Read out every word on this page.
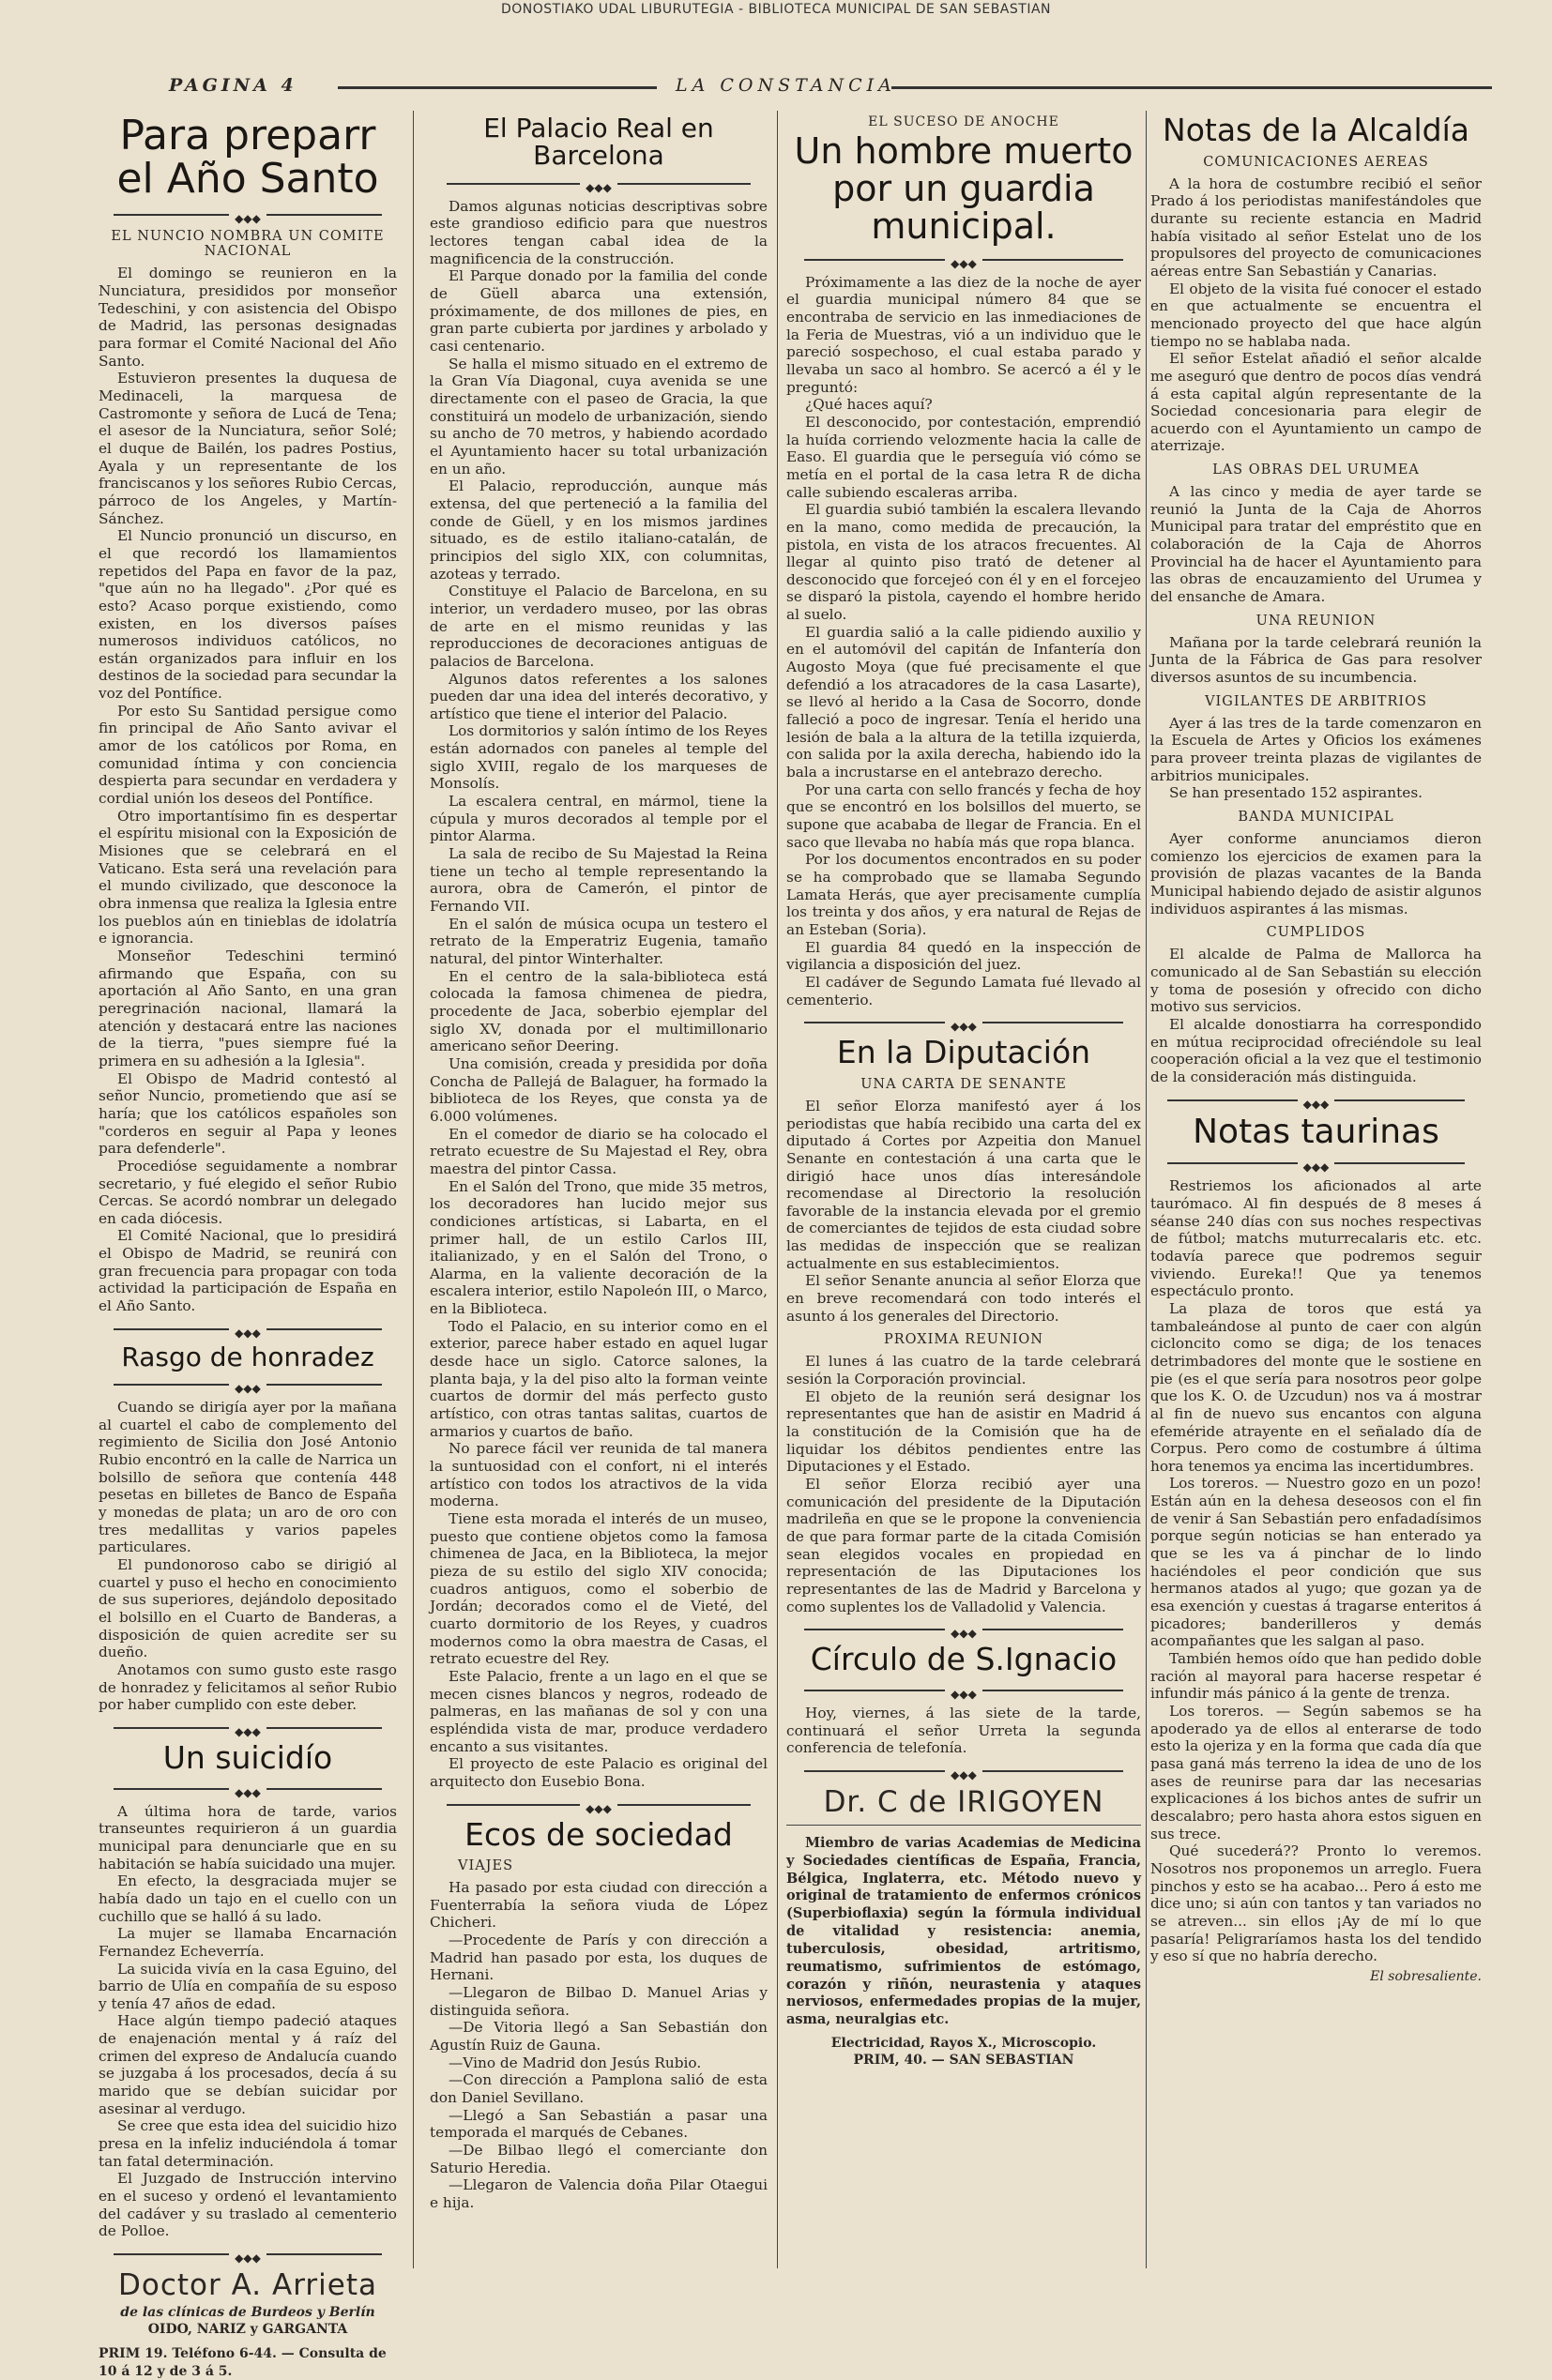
DONOSTIAKO UDAL LIBURUTEGIA - BIBLIOTECA MUNICIPAL DE SAN SEBASTIAN
PAGINA 4	LA CONSTANCIA
Para preparr el Año Santo
◆◆◆
EL NUNCIO NOMBRA UN COMITE NACIONAL

El domingo se reunieron en la Nunciatura, presididos por monseñor Tedeschini, y con asistencia del Obispo de Madrid, las personas designadas para formar el Comité Nacional del Año Santo.

Estuvieron presentes la duquesa de Medinaceli, la marquesa de Castromonte y señora de Lucá de Tena; el asesor de la Nunciatura, señor Solé; el duque de Bailén, los padres Postius, Ayala y un representante de los franciscanos y los señores Rubio Cercas, párroco de los Angeles, y Martín-Sánchez.

El Nuncio pronunció un discurso, en el que recordó los llamamientos repetidos del Papa en favor de la paz, "que aún no ha llegado". ¿Por qué es esto? Acaso porque existiendo, como existen, en los diversos países numerosos individuos católicos, no están organizados para influir en los destinos de la sociedad para secundar la voz del Pontífice.

Por esto Su Santidad persigue como fin principal de Año Santo avivar el amor de los católicos por Roma, en comunidad íntima y con conciencia despierta para secundar en verdadera y cordial unión los deseos del Pontífice.

Otro importantísimo fin es despertar el espíritu misional con la Exposición de Misiones que se celebrará en el Vaticano. Esta será una revelación para el mundo civilizado, que desconoce la obra inmensa que realiza la Iglesia entre los pueblos aún en tinieblas de idolatría e ignorancia.

Monseñor Tedeschini terminó afirmando que España, con su aportación al Año Santo, en una gran peregrinación nacional, llamará la atención y destacará entre las naciones de la tierra, "pues siempre fué la primera en su adhesión a la Iglesia".

El Obispo de Madrid contestó al señor Nuncio, prometiendo que así se haría; que los católicos españoles son "corderos en seguir al Papa y leones para defenderle".

Procedióse seguidamente a nombrar secretario, y fué elegido el señor Rubio Cercas. Se acordó nombrar un delegado en cada diócesis.

El Comité Nacional, que lo presidirá el Obispo de Madrid, se reunirá con gran frecuencia para propagar con toda actividad la participación de España en el Año Santo.

◆◆◆
Rasgo de honradez
◆◆◆

Cuando se dirigía ayer por la mañana al cuartel el cabo de complemento del regimiento de Sicilia don José Antonio Rubio encontró en la calle de Narrica un bolsillo de señora que contenía 448 pesetas en billetes de Banco de España y monedas de plata; un aro de oro con tres medallitas y varios papeles particulares.

El pundonoroso cabo se dirigió al cuartel y puso el hecho en conocimiento de sus superiores, dejándolo depositado el bolsillo en el Cuarto de Banderas, a disposición de quien acredite ser su dueño.

Anotamos con sumo gusto este rasgo de honradez y felicitamos al señor Rubio por haber cumplido con este deber.

◆◆◆
Un suicidío
◆◆◆

A última hora de tarde, varios transeuntes requirieron á un guardia municipal para denunciarle que en su habitación se había suicidado una mujer.

En efecto, la desgraciada mujer se había dado un tajo en el cuello con un cuchillo que se halló á su lado.

La mujer se llamaba Encarnación Fernandez Echeverría.

La suicida vivía en la casa Eguino, del barrio de Ulía en compañía de su esposo y tenía 47 años de edad.

Hace algún tiempo padeció ataques de enajenación mental y á raíz del crimen del expreso de Andalucía cuando se juzgaba á los procesados, decía á su marido que se debían suicidar por asesinar al verdugo.

Se cree que esta idea del suicidio hizo presa en la infeliz induciéndola á tomar tan fatal determinación.

El Juzgado de Instrucción intervino en el suceso y ordenó el levantamiento del cadáver y su traslado al cementerio de Polloe.

◆◆◆
Doctor A. Arrieta
de las clínicas de Burdeos y Berlín
OIDO, NARIZ y GARGANTA
PRIM 19. Teléfono 6-44. — Consulta de 10 á 12 y de 3 á 5.
El Palacio Real en Barcelona
◆◆◆

Damos algunas noticias descriptivas sobre este grandioso edificio para que nuestros lectores tengan cabal idea de la magnificencia de la construcción.

El Parque donado por la familia del conde de Güell abarca una extensión, próximamente, de dos millones de pies, en gran parte cubierta por jardines y arbolado y casi centenario.

Se halla el mismo situado en el extremo de la Gran Vía Diagonal, cuya avenida se une directamente con el paseo de Gracia, la que constituirá un modelo de urbanización, siendo su ancho de 70 metros, y habiendo acordado el Ayuntamiento hacer su total urbanización en un año.

El Palacio, reproducción, aunque más extensa, del que perteneció a la familia del conde de Güell, y en los mismos jardines situado, es de estilo italiano-catalán, de principios del siglo XIX, con columnitas, azoteas y terrado.

Constituye el Palacio de Barcelona, en su interior, un verdadero museo, por las obras de arte en el mismo reunidas y las reproducciones de decoraciones antiguas de palacios de Barcelona.

Algunos datos referentes a los salones pueden dar una idea del interés decorativo, y artístico que tiene el interior del Palacio.

Los dormitorios y salón íntimo de los Reyes están adornados con paneles al temple del siglo XVIII, regalo de los marqueses de Monsolís.

La escalera central, en mármol, tiene la cúpula y muros decorados al temple por el pintor Alarma.

La sala de recibo de Su Majestad la Reina tiene un techo al temple representando la aurora, obra de Camerón, el pintor de Fernando VII.

En el salón de música ocupa un testero el retrato de la Emperatriz Eugenia, tamaño natural, del pintor Winterhalter.

En el centro de la sala-biblioteca está colocada la famosa chimenea de piedra, procedente de Jaca, soberbio ejemplar del siglo XV, donada por el multimillonario americano señor Deering.

Una comisión, creada y presidida por doña Concha de Pallejá de Balaguer, ha formado la biblioteca de los Reyes, que consta ya de 6.000 volúmenes.

En el comedor de diario se ha colocado el retrato ecuestre de Su Majestad el Rey, obra maestra del pintor Cassa.

En el Salón del Trono, que mide 35 metros, los decoradores han lucido mejor sus condiciones artísticas, si Labarta, en el primer hall, de un estilo Carlos III, italianizado, y en el Salón del Trono, o Alarma, en la valiente decoración de la escalera interior, estilo Napoleón III, o Marco, en la Biblioteca.

Todo el Palacio, en su interior como en el exterior, parece haber estado en aquel lugar desde hace un siglo. Catorce salones, la planta baja, y la del piso alto la forman veinte cuartos de dormir del más perfecto gusto artístico, con otras tantas salitas, cuartos de armarios y cuartos de baño.

No parece fácil ver reunida de tal manera la suntuosidad con el confort, ni el interés artístico con todos los atractivos de la vida moderna.

Tiene esta morada el interés de un museo, puesto que contiene objetos como la famosa chimenea de Jaca, en la Biblioteca, la mejor pieza de su estilo del siglo XIV conocida; cuadros antiguos, como el soberbio de Jordán; decorados como el de Vieté, del cuarto dormitorio de los Reyes, y cuadros modernos como la obra maestra de Casas, el retrato ecuestre del Rey.

Este Palacio, frente a un lago en el que se mecen cisnes blancos y negros, rodeado de palmeras, en las mañanas de sol y con una espléndida vista de mar, produce verdadero encanto a sus visitantes.

El proyecto de este Palacio es original del arquitecto don Eusebio Bona.

◆◆◆
Ecos de sociedad
VIAJES

Ha pasado por esta ciudad con dirección a Fuenterrabía la señora viuda de López Chicheri.

—Procedente de París y con dirección a Madrid han pasado por esta, los duques de Hernani.

—Llegaron de Bilbao D. Manuel Arias y distinguida señora.

—De Vitoria llegó a San Sebastián don Agustín Ruiz de Gauna.

—Vino de Madrid don Jesús Rubio.

—Con dirección a Pamplona salió de esta don Daniel Sevillano.

—Llegó a San Sebastián a pasar una temporada el marqués de Cebanes.

—De Bilbao llegó el comerciante don Saturio Heredia.

—Llegaron de Valencia doña Pilar Otaegui e hija.

EL SUCESO DE ANOCHE
Un hombre muerto por un guardia municipal.
◆◆◆

Próximamente a las diez de la noche de ayer el guardia municipal número 84 que se encontraba de servicio en las inmediaciones de la Feria de Muestras, vió a un individuo que le pareció sospechoso, el cual estaba parado y llevaba un saco al hombro. Se acercó a él y le preguntó:

¿Qué haces aquí?

El desconocido, por contestación, emprendió la huída corriendo velozmente hacia la calle de Easo. El guardia que le perseguía vió cómo se metía en el portal de la casa letra R de dicha calle subiendo escaleras arriba.

El guardia subió también la escalera llevando en la mano, como medida de precaución, la pistola, en vista de los atracos frecuentes. Al llegar al quinto piso trató de detener al desconocido que forcejeó con él y en el forcejeo se disparó la pistola, cayendo el hombre herido al suelo.

El guardia salió a la calle pidiendo auxilio y en el automóvil del capitán de Infantería don Augosto Moya (que fué precisamente el que defendió a los atracadores de la casa Lasarte), se llevó al herido a la Casa de Socorro, donde falleció a poco de ingresar. Tenía el herido una lesión de bala a la altura de la tetilla izquierda, con salida por la axila derecha, habiendo ido la bala a incrustarse en el antebrazo derecho.

Por una carta con sello francés y fecha de hoy que se encontró en los bolsillos del muerto, se supone que acababa de llegar de Francia. En el saco que llevaba no había más que ropa blanca.

Por los documentos encontrados en su poder se ha comprobado que se llamaba Segundo Lamata Herás, que ayer precisamente cumplía los treinta y dos años, y era natural de Rejas de an Esteban (Soria).

El guardia 84 quedó en la inspección de vigilancia a disposición del juez.

El cadáver de Segundo Lamata fué llevado al cementerio.

◆◆◆
En la Diputación
UNA CARTA DE SENANTE

El señor Elorza manifestó ayer á los periodistas que había recibido una carta del ex diputado á Cortes por Azpeitia don Manuel Senante en contestación á una carta que le dirigió hace unos días interesándole recomendase al Directorio la resolución favorable de la instancia elevada por el gremio de comerciantes de tejidos de esta ciudad sobre las medidas de inspección que se realizan actualmente en sus establecimientos.

El señor Senante anuncia al señor Elorza que en breve recomendará con todo interés el asunto á los generales del Directorio.

PROXIMA REUNION

El lunes á las cuatro de la tarde celebrará sesión la Corporación provincial.

El objeto de la reunión será designar los representantes que han de asistir en Madrid á la constitución de la Comisión que ha de liquidar los débitos pendientes entre las Diputaciones y el Estado.

El señor Elorza recibió ayer una comunicación del presidente de la Diputación madrileña en que se le propone la conveniencia de que para formar parte de la citada Comisión sean elegidos vocales en propiedad en representación de las Diputaciones los representantes de las de Madrid y Barcelona y como suplentes los de Valladolid y Valencia.

◆◆◆
Círculo de S.Ignacio
◆◆◆

Hoy, viernes, á las siete de la tarde, continuará el señor Urreta la segunda conferencia de telefonía.

◆◆◆
Dr. C de IRIGOYEN

Miembro de varias Academias de Medicina y Sociedades científicas de España, Francia, Bélgica, Inglaterra, etc. Método nuevo y original de tratamiento de enfermos crónicos (Superbioflaxia) según la fórmula individual de vitalidad y resistencia: anemia, tuberculosis, obesidad, artritismo, reumatismo, sufrimientos de estómago, corazón y riñón, neurastenia y ataques nerviosos, enfermedades propias de la mujer, asma, neuralgias etc.

Electricidad, Rayos X., Microscopio.
PRIM, 40. — SAN SEBASTIAN
Notas de la Alcaldía
COMUNICACIONES AEREAS

A la hora de costumbre recibió el señor Prado á los periodistas manifestándoles que durante su reciente estancia en Madrid había visitado al señor Estelat uno de los propulsores del proyecto de comunicaciones aéreas entre San Sebastián y Canarias.

El objeto de la visita fué conocer el estado en que actualmente se encuentra el mencionado proyecto del que hace algún tiempo no se hablaba nada.

El señor Estelat añadió el señor alcalde me aseguró que dentro de pocos días vendrá á esta capital algún representante de la Sociedad concesionaria para elegir de acuerdo con el Ayuntamiento un campo de aterrizaje.

LAS OBRAS DEL URUMEA

A las cinco y media de ayer tarde se reunió la Junta de la Caja de Ahorros Municipal para tratar del empréstito que en colaboración de la Caja de Ahorros Provincial ha de hacer el Ayuntamiento para las obras de encauzamiento del Urumea y del ensanche de Amara.

UNA REUNION

Mañana por la tarde celebrará reunión la Junta de la Fábrica de Gas para resolver diversos asuntos de su incumbencia.

VIGILANTES DE ARBITRIOS

Ayer á las tres de la tarde comenzaron en la Escuela de Artes y Oficios los exámenes para proveer treinta plazas de vigilantes de arbitrios municipales.

Se han presentado 152 aspirantes.

BANDA MUNICIPAL

Ayer conforme anunciamos dieron comienzo los ejercicios de examen para la provisión de plazas vacantes de la Banda Municipal habiendo dejado de asistir algunos individuos aspirantes á las mismas.

CUMPLIDOS

El alcalde de Palma de Mallorca ha comunicado al de San Sebastián su elección y toma de posesión y ofrecido con dicho motivo sus servicios.

El alcalde donostiarra ha correspondido en mútua reciprocidad ofreciéndole su leal cooperación oficial a la vez que el testimonio de la consideración más distinguida.

◆◆◆
Notas taurinas
◆◆◆

Restriemos los aficionados al arte taurómaco. Al fin después de 8 meses á séanse 240 días con sus noches respectivas de fútbol; matchs muturrecalaris etc. etc. todavía parece que podremos seguir viviendo. Eureka!! Que ya tenemos espectáculo pronto.

La plaza de toros que está ya tambaleándose al punto de caer con algún cicloncito como se diga; de los tenaces detrimbadores del monte que le sostiene en pie (es el que sería para nosotros peor golpe que los K. O. de Uzcudun) nos va á mostrar al fin de nuevo sus encantos con alguna efeméride atrayente en el señalado día de Corpus. Pero como de costumbre á última hora tenemos ya encima las incertidumbres.

Los toreros. — Nuestro gozo en un pozo! Están aún en la dehesa deseosos con el fin de venir á San Sebastián pero enfadadísimos porque según noticias se han enterado ya que se les va á pinchar de lo lindo haciéndoles el peor condición que sus hermanos atados al yugo; que gozan ya de esa exención y cuestas á tragarse enteritos á picadores; banderilleros y demás acompañantes que les salgan al paso.

También hemos oído que han pedido doble ración al mayoral para hacerse respetar é infundir más pánico á la gente de trenza.

Los toreros. — Según sabemos se ha apoderado ya de ellos al enterarse de todo esto la ojeriza y en la forma que cada día que pasa ganá más terreno la idea de uno de los ases de reunirse para dar las necesarias explicaciones á los bichos antes de sufrir un descalabro; pero hasta ahora estos siguen en sus trece.

Qué sucederá?? Pronto lo veremos. Nosotros nos proponemos un arreglo. Fuera pinchos y esto se ha acabao... Pero á esto me dice uno; si aún con tantos y tan variados no se atreven... sin ellos ¡Ay de mí lo que pasaría! Peligraríamos hasta los del tendido y eso sí que no habría derecho.

El sobresaliente.
